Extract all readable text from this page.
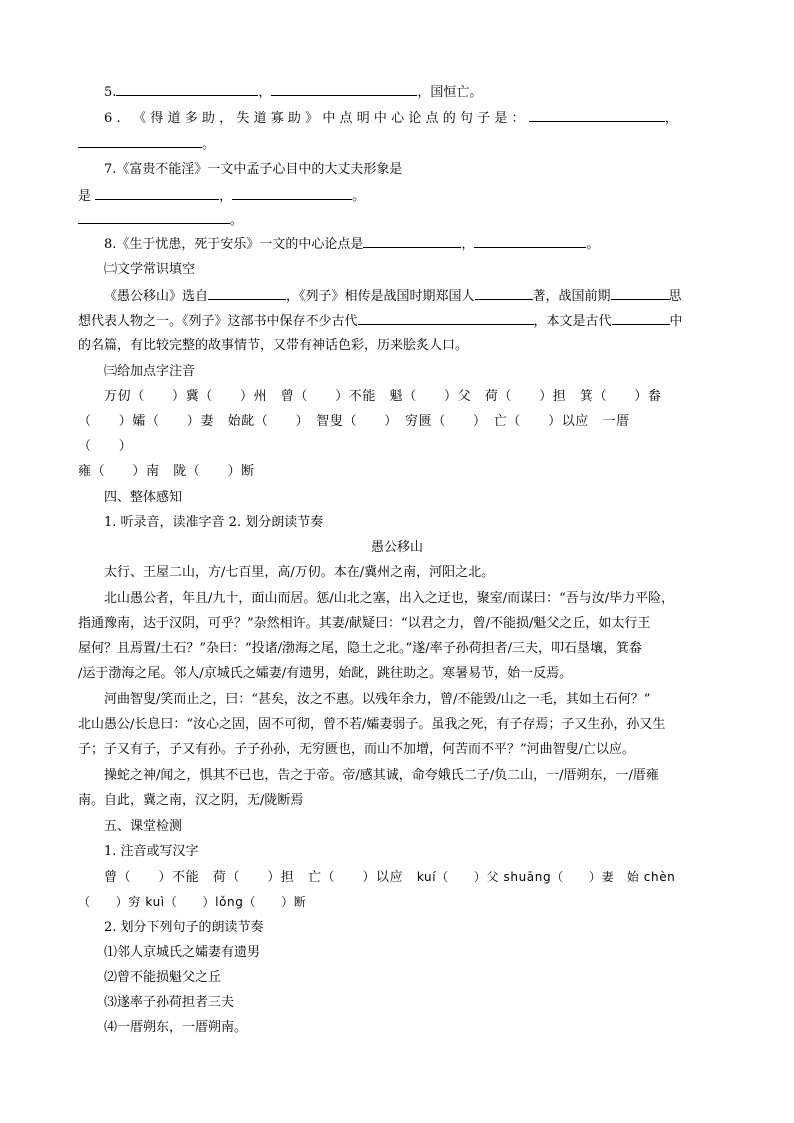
5.	，	，国恒亡。
6. 《得道多助，失道寡助》中点明中心论点的句子是：	，
。
7.《富贵不能淫》一文中孟子心目中的大丈夫形象是
是	，	。
。
8.《生于忧患，死于安乐》一文的中心论点是	，	。
㈡文学常识填空
《愚公移山》选自	，《列子》相传是战国时期郑国人	著，战国前期	思
想代表人物之一。《列子》这部书中保存不少古代	，本文是古代	中
的名篇，有比较完整的故事情节，又带有神话色彩，历来脍炙人口。
㈢给加点字注音
万仞（　　）冀（　　）州　曾（　　）不能　魁（　　）父　荷（　　）担　箕（　　）畚
（　　）孀（　　）妻　始龀（　　）　智叟（　　）　穷匮（　　）　亡（　　）以应　一厝
（　　）
雍（　　）南　陇（　　）断
四、整体感知
1. 听录音，读准字音 2. 划分朗读节奏
愚公移山
太行、王屋二山，方/七百里，高/万仞。本在/冀州之南，河阳之北。
北山愚公者，年且/九十，面山而居。惩/山北之塞，出入之迂也，聚室/而谋曰：“吾与汝/毕力平险，
指通豫南，达于汉阴，可乎？”杂然相许。其妻/献疑曰：“以君之力，曾/不能损/魁父之丘，如太行王
屋何？且焉置/土石？”杂曰：“投诸/渤海之尾，隐土之北。”遂/率子孙荷担者/三夫，叩石垦壤，箕畚
/运于渤海之尾。邻人/京城氏之孀妻/有遗男，始龀，跳往助之。寒暑易节，始一反焉。
河曲智叟/笑而止之，曰：“甚矣，汝之不惠。以残年余力，曾/不能毁/山之一毛，其如土石何？”
北山愚公/长息曰：“汝心之固，固不可彻，曾不若/孀妻弱子。虽我之死，有子存焉；子又生孙，孙又生
子；子又有子，子又有孙。子子孙孙，无穷匮也，而山不加增，何苦而不平？”河曲智叟/亡以应。
操蛇之神/闻之，惧其不已也，告之于帝。帝/感其诚，命夸娥氏二子/负二山，一/厝朔东，一/厝雍
南。自此，冀之南，汉之阴，无/陇断焉
五、课堂检测
1. 注音或写汉字
曾（　　）不能　荷（　　）担　亡（　　）以应　kuí（　　）父 shuāng（　　）妻　始 chèn
（　　）穷 kuì（　　）lǒng（　　）断
2. 划分下列句子的朗读节奏
⑴邻人京城氏之孀妻有遗男
⑵曾不能损魁父之丘
⑶遂率子孙荷担者三夫
⑷一厝朔东，一厝朔南。
